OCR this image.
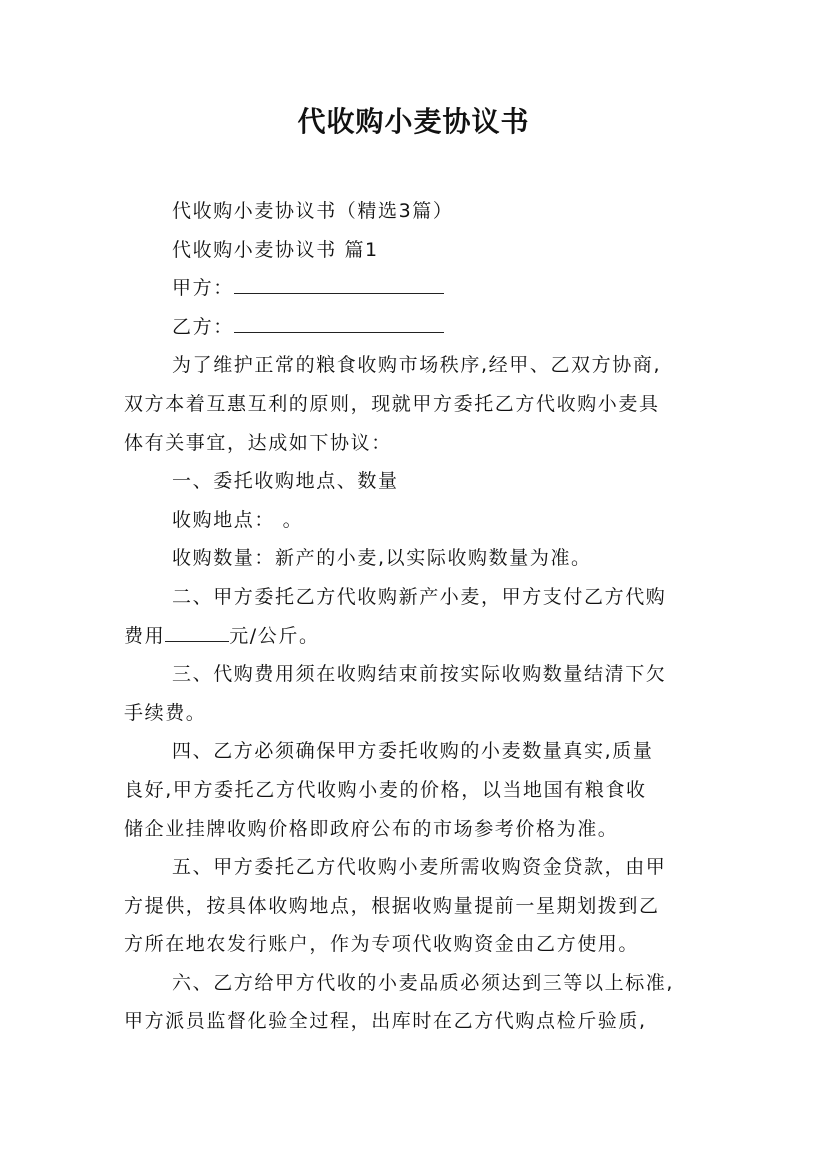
代收购小麦协议书
代收购小麦协议书（精选3篇）
代收购小麦协议书 篇1
甲方：
乙方：
为了维护正常的粮食收购市场秩序,经甲、乙双方协商,
双方本着互惠互利的原则，现就甲方委托乙方代收购小麦具
体有关事宜，达成如下协议：
一、委托收购地点、数量
收购地点： 。
收购数量：新产的小麦,以实际收购数量为准。
二、甲方委托乙方代收购新产小麦，甲方支付乙方代购
费用	元/公斤。
三、代购费用须在收购结束前按实际收购数量结清下欠
手续费。
四、乙方必须确保甲方委托收购的小麦数量真实,质量
良好,甲方委托乙方代收购小麦的价格，以当地国有粮食收
储企业挂牌收购价格即政府公布的市场参考价格为准。
五、甲方委托乙方代收购小麦所需收购资金贷款，由甲
方提供，按具体收购地点，根据收购量提前一星期划拨到乙
方所在地农发行账户，作为专项代收购资金由乙方使用。
六、乙方给甲方代收的小麦品质必须达到三等以上标准,
甲方派员监督化验全过程，出库时在乙方代购点检斤验质,
